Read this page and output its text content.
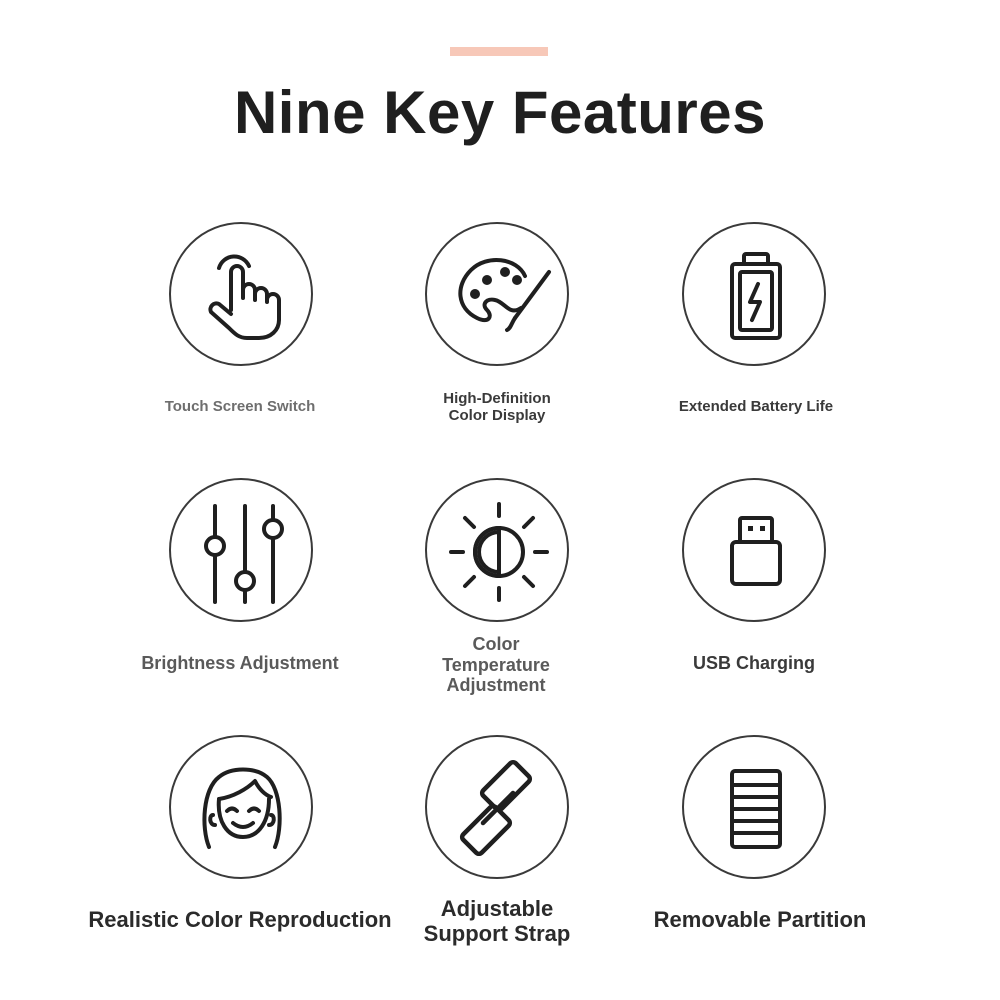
Nine Key Features
Touch Screen Switch	High-Definition
Color Display
Extended Battery Life
Brightness Adjustment
Color
Temperature
Adjustment
USB Charging
Realistic Color Reproduction	Adjustable
Support Strap
Removable Partition
